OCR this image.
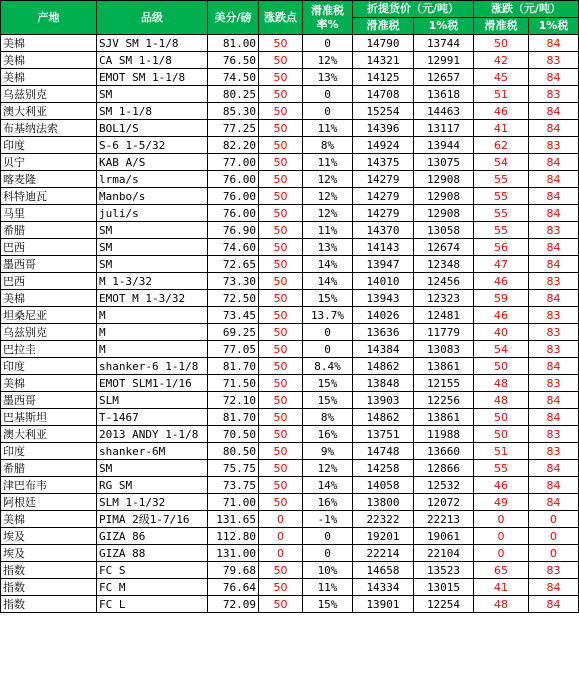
产地	品级	美分/磅	涨跌点	滑准税率%	折提货价（元/吨）		涨跌（元/吨）	
					滑准税	1%税	滑准税	1%税
美棉	SJV SM 1-1/8	81.00	50	0	14790	13744	50	84
美棉	CA SM 1-1/8	76.50	50	12%	14321	12991	42	83
美棉	EMOT SM 1-1/8	74.50	50	13%	14125	12657	45	84
乌兹别克	SM	80.25	50	0	14708	13618	51	83
澳大利亚	SM 1-1/8	85.30	50	0	15254	14463	46	84
布基纳法索	BOL1/S	77.25	50	11%	14396	13117	41	84
印度	S-6 1-5/32	82.20	50	8%	14924	13944	62	83
贝宁	KAB A/S	77.00	50	11%	14375	13075	54	84
喀麦隆	lrma/s	76.00	50	12%	14279	12908	55	84
科特迪瓦	Manbo/s	76.00	50	12%	14279	12908	55	84
马里	juli/s	76.00	50	12%	14279	12908	55	84
希腊	SM	76.90	50	11%	14370	13058	55	83
巴西	SM	74.60	50	13%	14143	12674	56	84
墨西哥	SM	72.65	50	14%	13947	12348	47	84
巴西	M 1-3/32	73.30	50	14%	14010	12456	46	83
美棉	EMOT M 1-3/32	72.50	50	15%	13943	12323	59	84
坦桑尼亚	M	73.45	50	13.7%	14026	12481	46	83
乌兹别克	M	69.25	50	0	13636	11779	40	83
巴拉圭	M	77.05	50	0	14384	13083	54	83
印度	shanker-6 1-1/8	81.70	50	8.4%	14862	13861	50	84
美棉	EMOT SLM1-1/16	71.50	50	15%	13848	12155	48	83
墨西哥	SLM	72.10	50	15%	13903	12256	48	84
巴基斯坦	T-1467	81.70	50	8%	14862	13861	50	84
澳大利亚	2013 ANDY 1-1/8	70.50	50	16%	13751	11988	50	83
印度	shanker-6M	80.50	50	9%	14748	13660	51	83
希腊	SM	75.75	50	12%	14258	12866	55	84
津巴布韦	RG SM	73.75	50	14%	14058	12532	46	84
阿根廷	SLM 1-1/32	71.00	50	16%	13800	12072	49	84
美棉	PIMA 2级1-7/16	131.65	0	-1%	22322	22213	0	0
埃及	GIZA 86	112.80	0	0	19201	19061	0	0
埃及	GIZA 88	131.00	0	0	22214	22104	0	0
指数	FC S	79.68	50	10%	14658	13523	65	83
指数	FC M	76.64	50	11%	14334	13015	41	84
指数	FC L	72.09	50	15%	13901	12254	48	84
